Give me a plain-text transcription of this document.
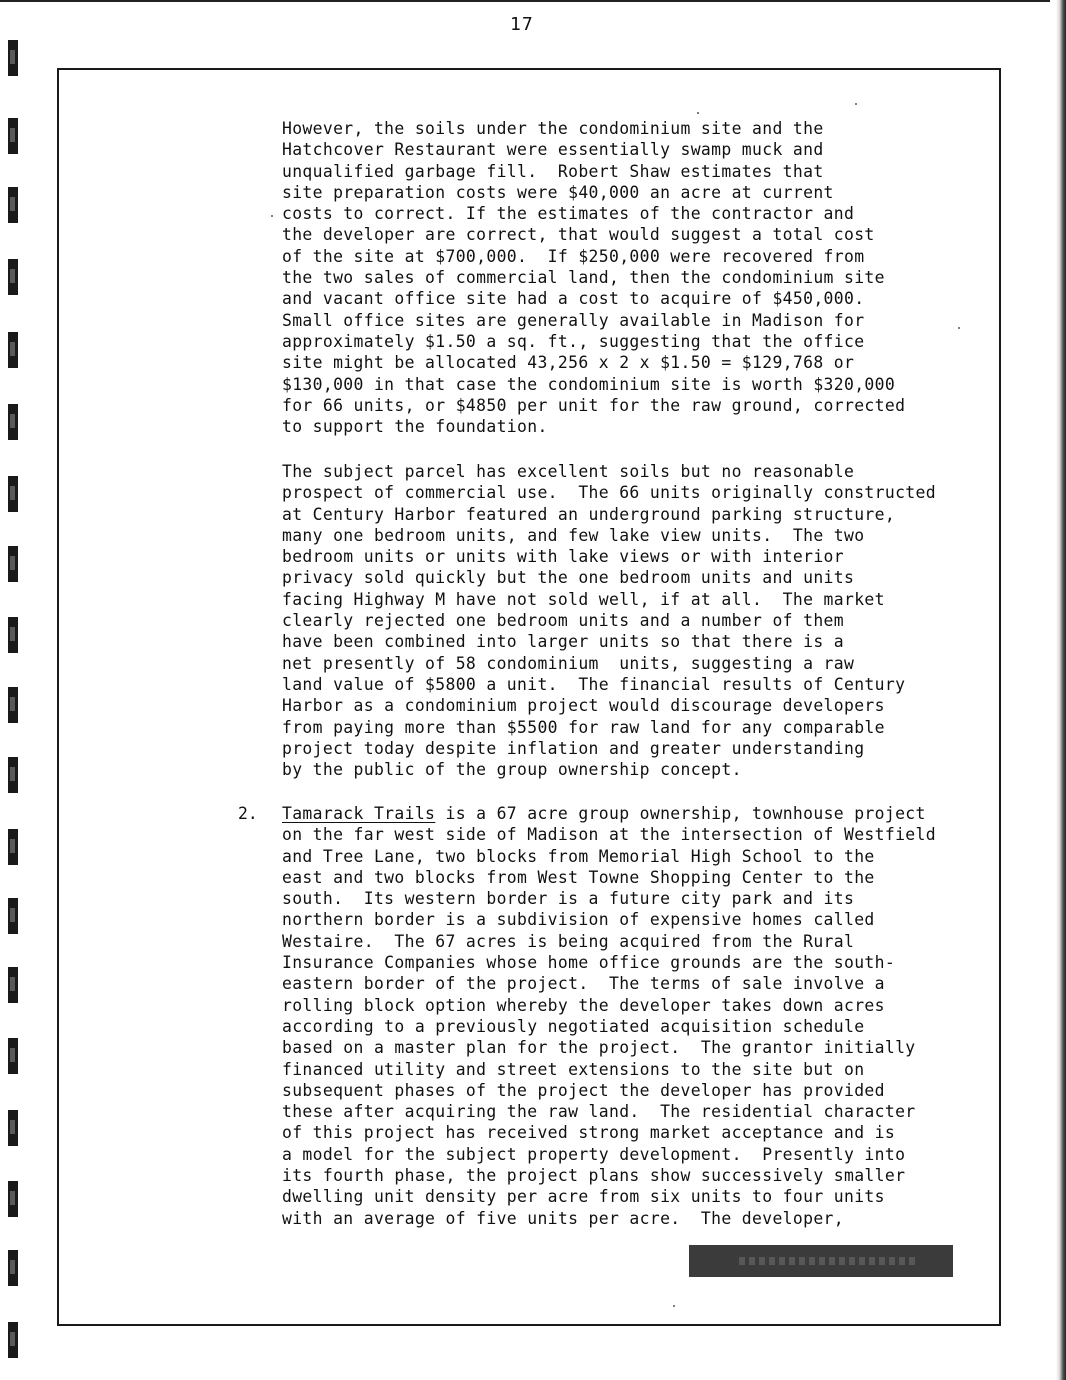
17

However, the soils under the condominium site and the
Hatchcover Restaurant were essentially swamp muck and
unqualified garbage fill.  Robert Shaw estimates that
site preparation costs were $40,000 an acre at current
costs to correct. If the estimates of the contractor and
the developer are correct, that would suggest a total cost
of the site at $700,000.  If $250,000 were recovered from
the two sales of commercial land, then the condominium site
and vacant office site had a cost to acquire of $450,000.
Small office sites are generally available in Madison for
approximately $1.50 a sq. ft., suggesting that the office
site might be allocated 43,256 x 2 x $1.50 = $129,768 or
$130,000 in that case the condominium site is worth $320,000
for 66 units, or $4850 per unit for the raw ground, corrected
to support the foundation.

The subject parcel has excellent soils but no reasonable
prospect of commercial use.  The 66 units originally constructed
at Century Harbor featured an underground parking structure,
many one bedroom units, and few lake view units.  The two
bedroom units or units with lake views or with interior
privacy sold quickly but the one bedroom units and units
facing Highway M have not sold well, if at all.  The market
clearly rejected one bedroom units and a number of them
have been combined into larger units so that there is a
net presently of 58 condominium  units, suggesting a raw
land value of $5800 a unit.  The financial results of Century
Harbor as a condominium project would discourage developers
from paying more than $5500 for raw land for any comparable
project today despite inflation and greater understanding
by the public of the group ownership concept.

2. Tamarack Trails is a 67 acre group ownership, townhouse project
on the far west side of Madison at the intersection of Westfield
and Tree Lane, two blocks from Memorial High School to the
east and two blocks from West Towne Shopping Center to the
south.  Its western border is a future city park and its
northern border is a subdivision of expensive homes called
Westaire.  The 67 acres is being acquired from the Rural
Insurance Companies whose home office grounds are the south-
eastern border of the project.  The terms of sale involve a
rolling block option whereby the developer takes down acres
according to a previously negotiated acquisition schedule
based on a master plan for the project.  The grantor initially
financed utility and street extensions to the site but on
subsequent phases of the project the developer has provided
these after acquiring the raw land.  The residential character
of this project has received strong market acceptance and is
a model for the subject property development.  Presently into
its fourth phase, the project plans show successively smaller
dwelling unit density per acre from six units to four units
with an average of five units per acre.  The developer,
